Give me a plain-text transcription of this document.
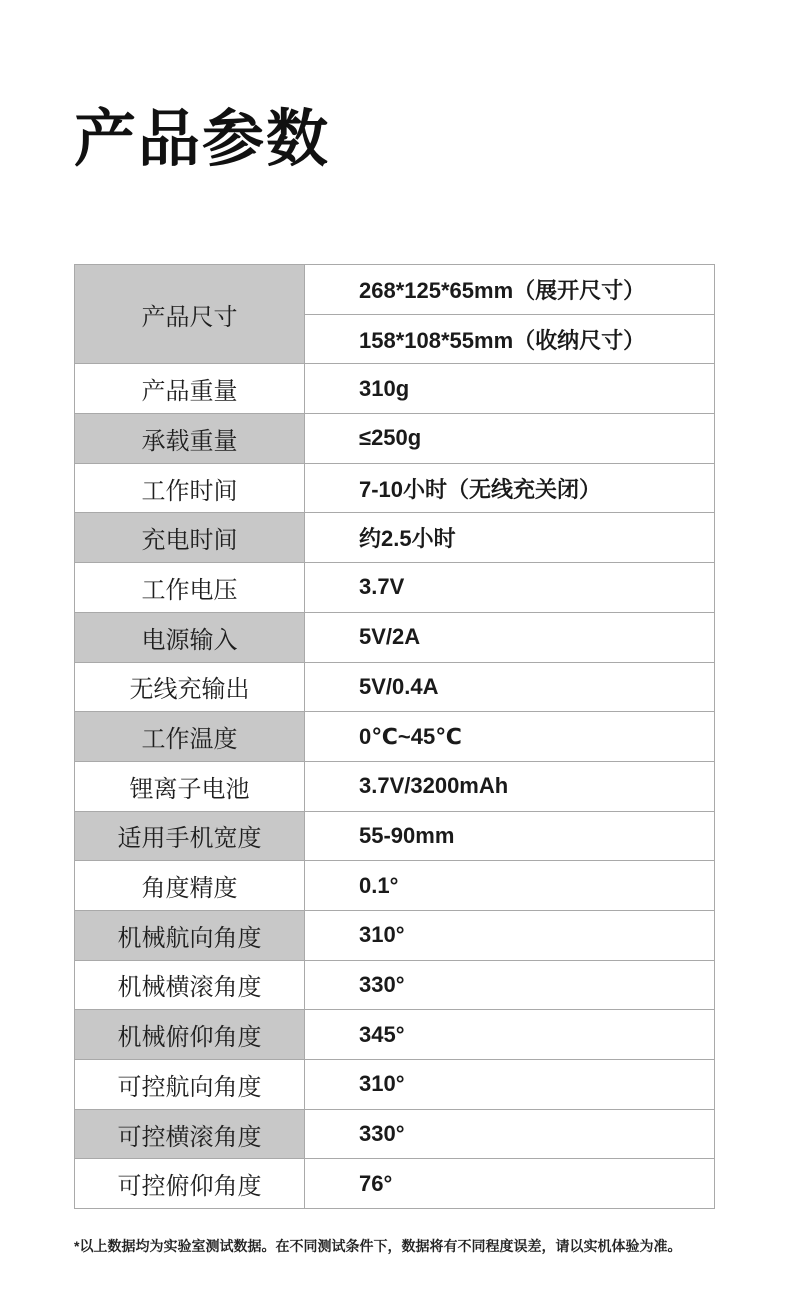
产品参数
产品尺寸	268*125*65mm（展开尺寸）
	158*108*55mm（收纳尺寸）
产品重量	310g
承载重量	≤250g
工作时间	7-10小时（无线充关闭）
充电时间	约2.5小时
工作电压	3.7V
电源输入	5V/2A
无线充输出	5V/0.4A
工作温度	0℃~45℃
锂离子电池	3.7V/3200mAh
适用手机宽度	55-90mm
角度精度	0.1°
机械航向角度	310°
机械横滚角度	330°
机械俯仰角度	345°
可控航向角度	310°
可控横滚角度	330°
可控俯仰角度	76°

*以上数据均为实验室测试数据。在不同测试条件下，数据将有不同程度误差，请以实机体验为准。
